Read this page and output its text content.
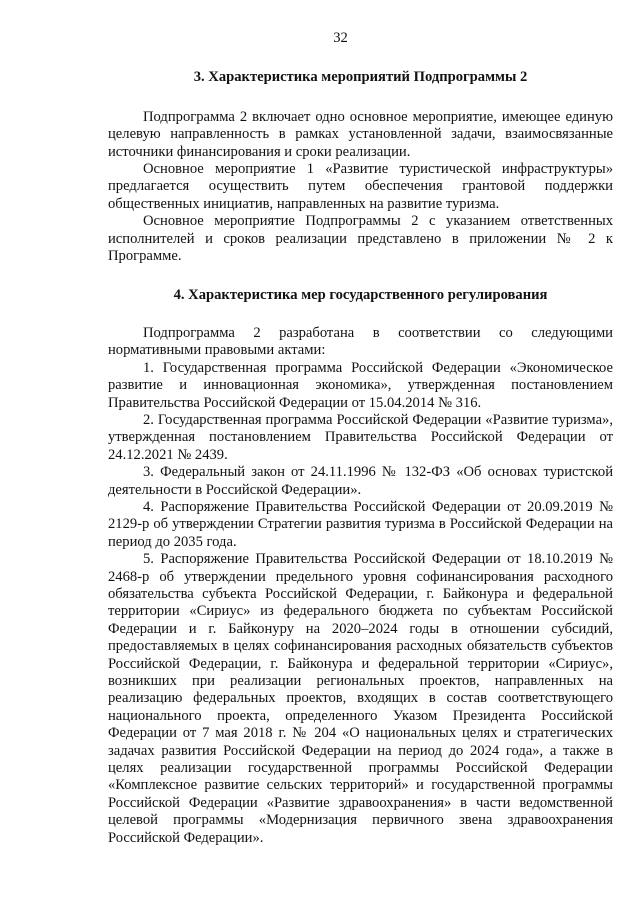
32
3. Характеристика мероприятий Подпрограммы 2

Подпрограмма 2 включает одно основное мероприятие, имеющее единую целевую направленность в рамках установленной задачи, взаимосвязанные источники финансирования и сроки реализации.

Основное мероприятие 1 «Развитие туристической инфраструктуры» предлагается осуществить путем обеспечения грантовой поддержки общественных инициатив, направленных на развитие туризма.

Основное мероприятие Подпрограммы 2 с указанием ответственных исполнителей и сроков реализации представлено в приложении № 2 к Программе.

4. Характеристика мер государственного регулирования

Подпрограмма 2 разработана в соответствии со следующими нормативными правовыми актами:

1. Государственная программа Российской Федерации «Экономическое развитие и инновационная экономика», утвержденная постановлением Правительства Российской Федерации от 15.04.2014 № 316.

2. Государственная программа Российской Федерации «Развитие туризма», утвержденная постановлением Правительства Российской Федерации от 24.12.2021 № 2439.

3. Федеральный закон от 24.11.1996 № 132-ФЗ «Об основах туристской деятельности в Российской Федерации».

4. Распоряжение Правительства Российской Федерации от 20.09.2019 № 2129-р об утверждении Стратегии развития туризма в Российской Федерации на период до 2035 года.

5. Распоряжение Правительства Российской Федерации от 18.10.2019 № 2468-р об утверждении предельного уровня софинансирования расходного обязательства субъекта Российской Федерации, г. Байконура и федеральной территории «Сириус» из федерального бюджета по субъектам Российской Федерации и г. Байконуру на 2020–2024 годы в отношении субсидий, предоставляемых в целях софинансирования расходных обязательств субъектов Российской Федерации, г. Байконура и федеральной территории «Сириус», возникших при реализации региональных проектов, направленных на реализацию федеральных проектов, входящих в состав соответствующего национального проекта, определенного Указом Президента Российской Федерации от 7 мая 2018 г. № 204 «О национальных целях и стратегических задачах развития Российской Федерации на период до 2024 года», а также в целях реализации государственной программы Российской Федерации «Комплексное развитие сельских территорий» и государственной программы Российской Федерации «Развитие здравоохранения» в части ведомственной целевой программы «Модернизация первичного звена здравоохранения Российской Федерации».
